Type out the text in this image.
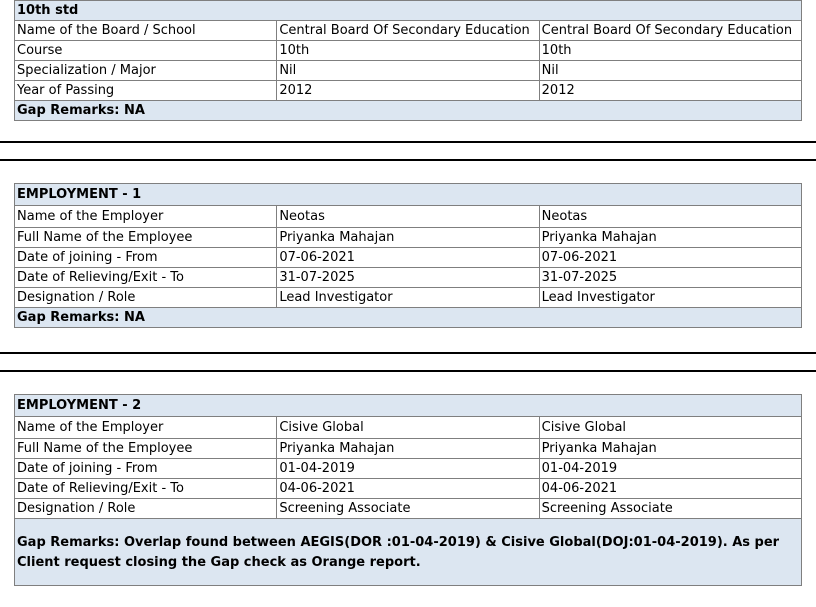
10th std		
Name of the Board / School	Central Board Of Secondary Education	Central Board Of Secondary Education
Course	10th	10th
Specialization / Major	Nil	Nil
Year of Passing	2012	2012
Gap Remarks: NA		
EMPLOYMENT - 1		
Name of the Employer	Neotas	Neotas
Full Name of the Employee	Priyanka Mahajan	Priyanka Mahajan
Date of joining - From	07-06-2021	07-06-2021
Date of Relieving/Exit - To	31-07-2025	31-07-2025
Designation / Role	Lead Investigator	Lead Investigator
Gap Remarks: NA		
EMPLOYMENT - 2		
Name of the Employer	Cisive Global	Cisive Global
Full Name of the Employee	Priyanka Mahajan	Priyanka Mahajan
Date of joining - From	01-04-2019	01-04-2019
Date of Relieving/Exit - To	04-06-2021	04-06-2021
Designation / Role	Screening Associate	Screening Associate
Gap Remarks: Overlap found between AEGIS(DOR :01-04-2019) & Cisive Global(DOJ:01-04-2019). As per Client request closing the Gap check as Orange report.		
